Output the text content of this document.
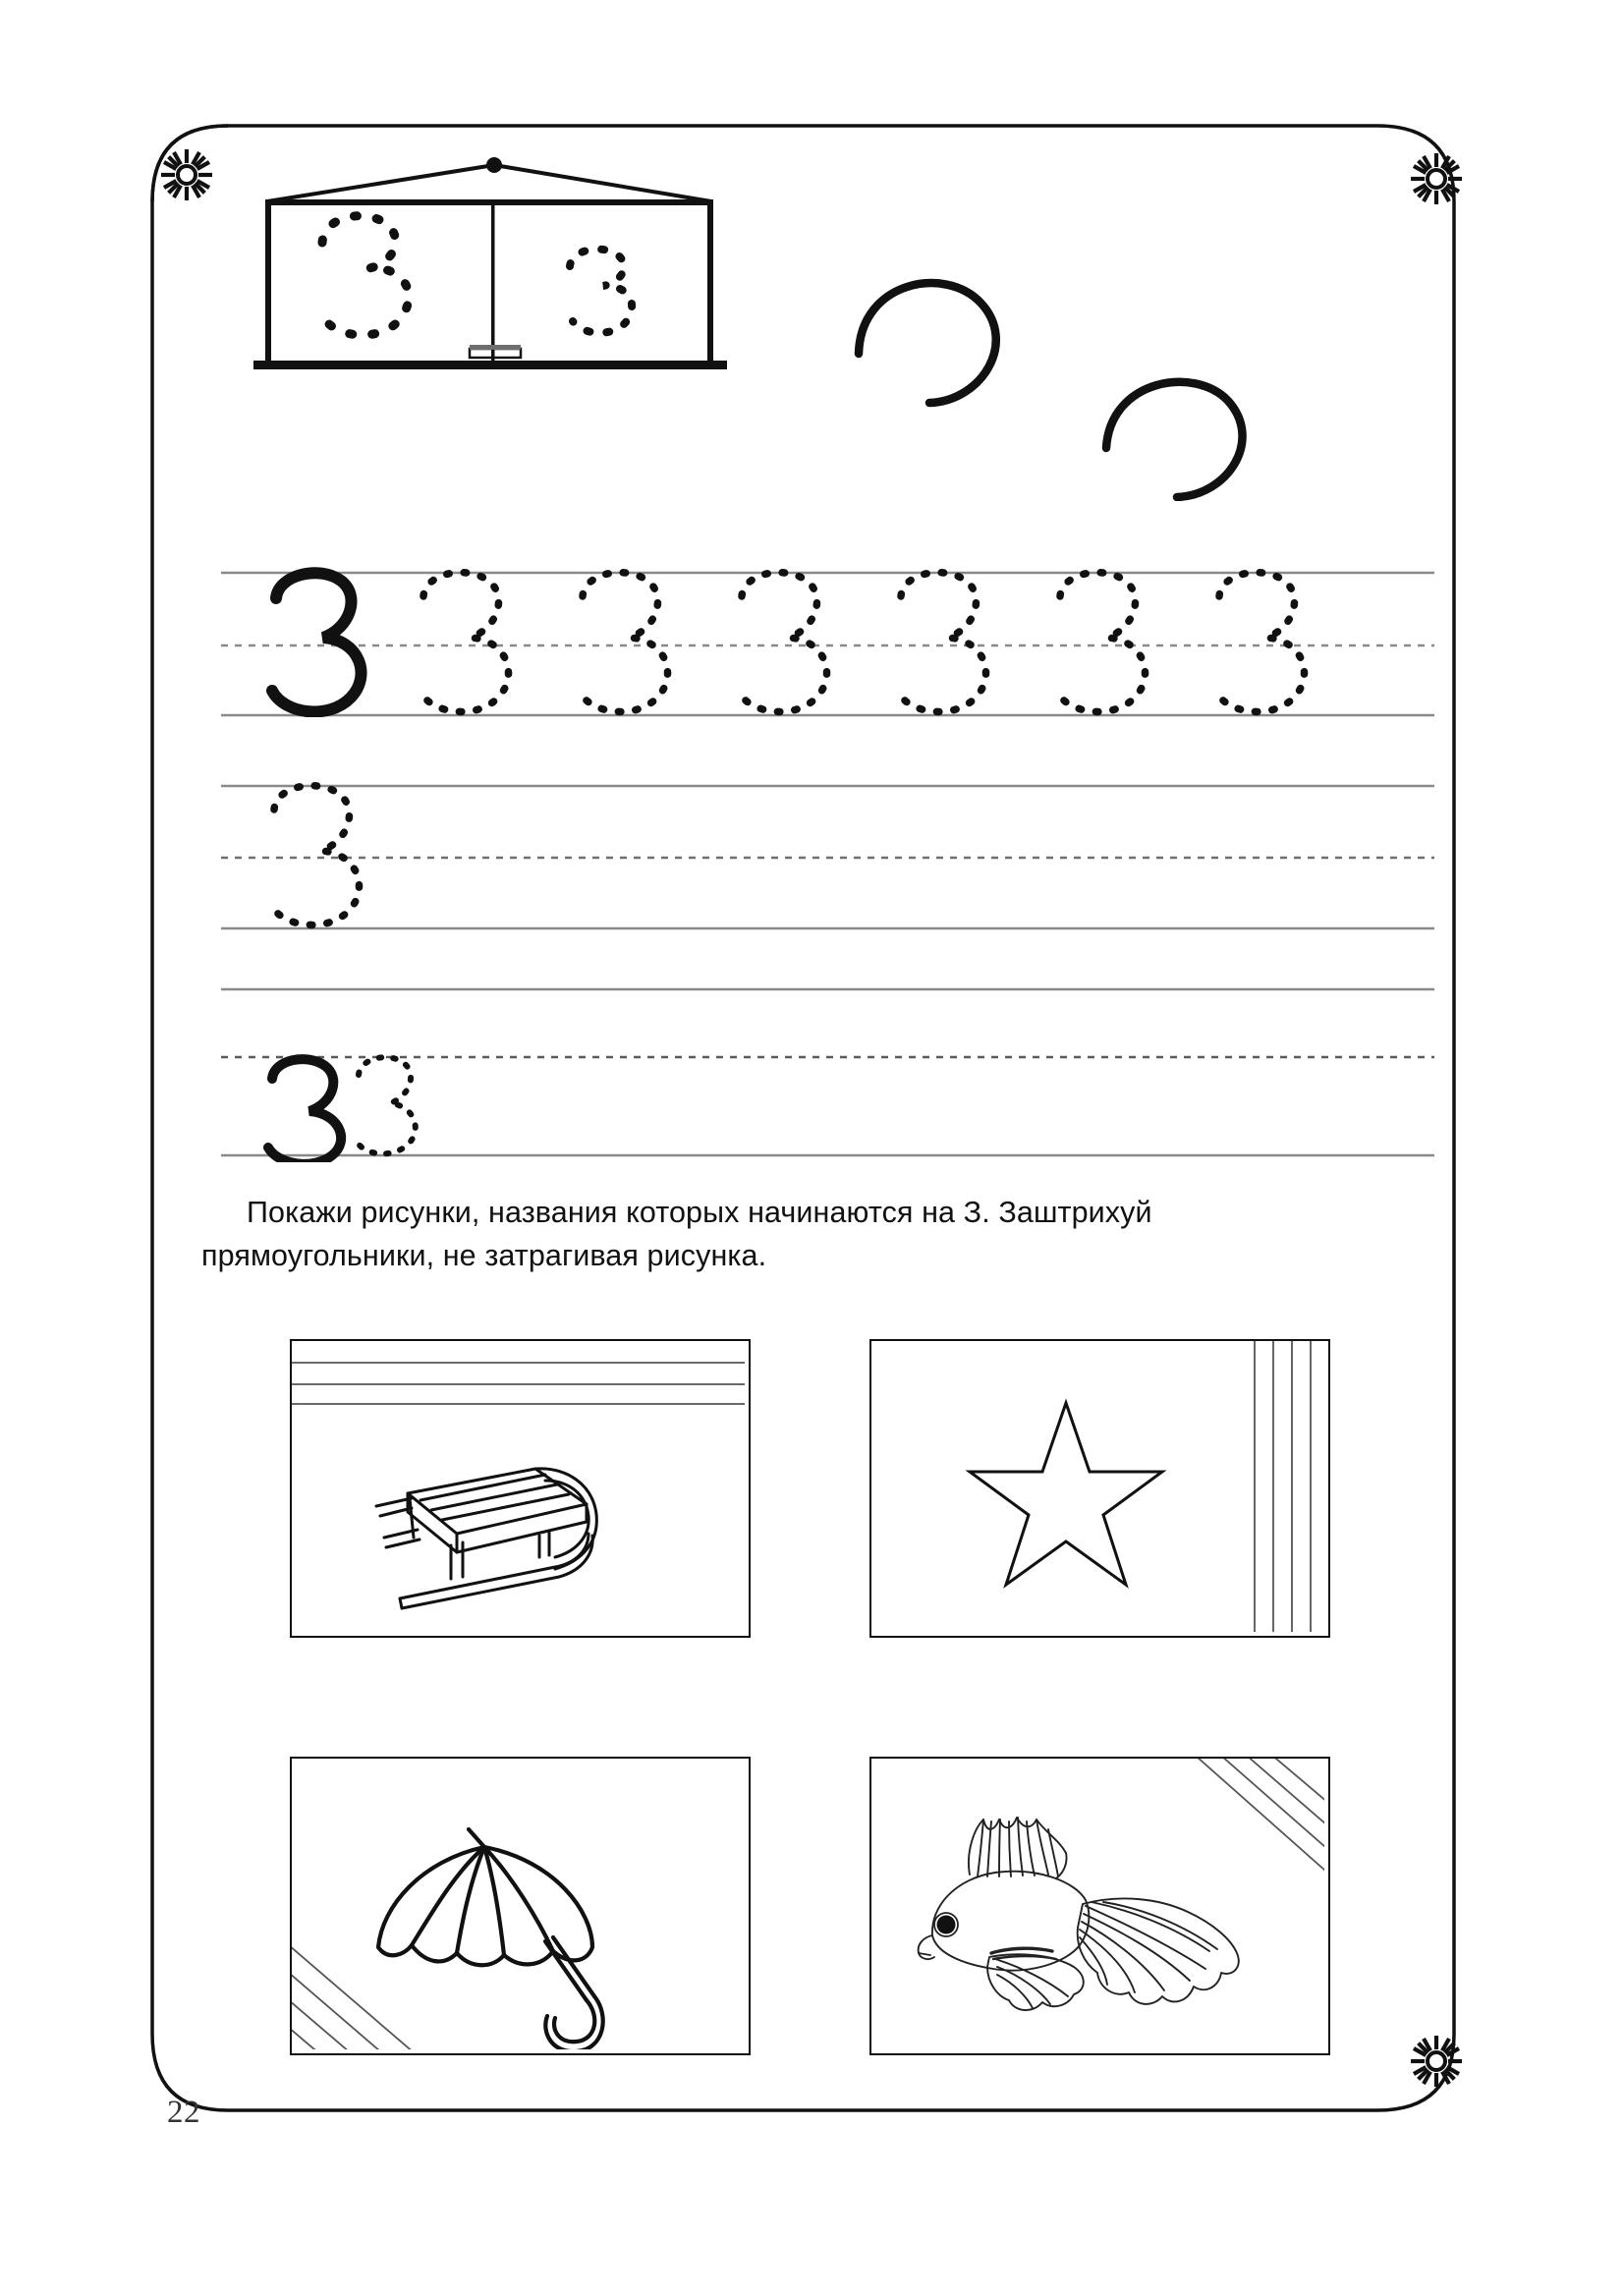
Покажи рисунки, названия которых начинаются на З. Заштрихуй

прямоугольники, не затрагивая рисунка.

22
